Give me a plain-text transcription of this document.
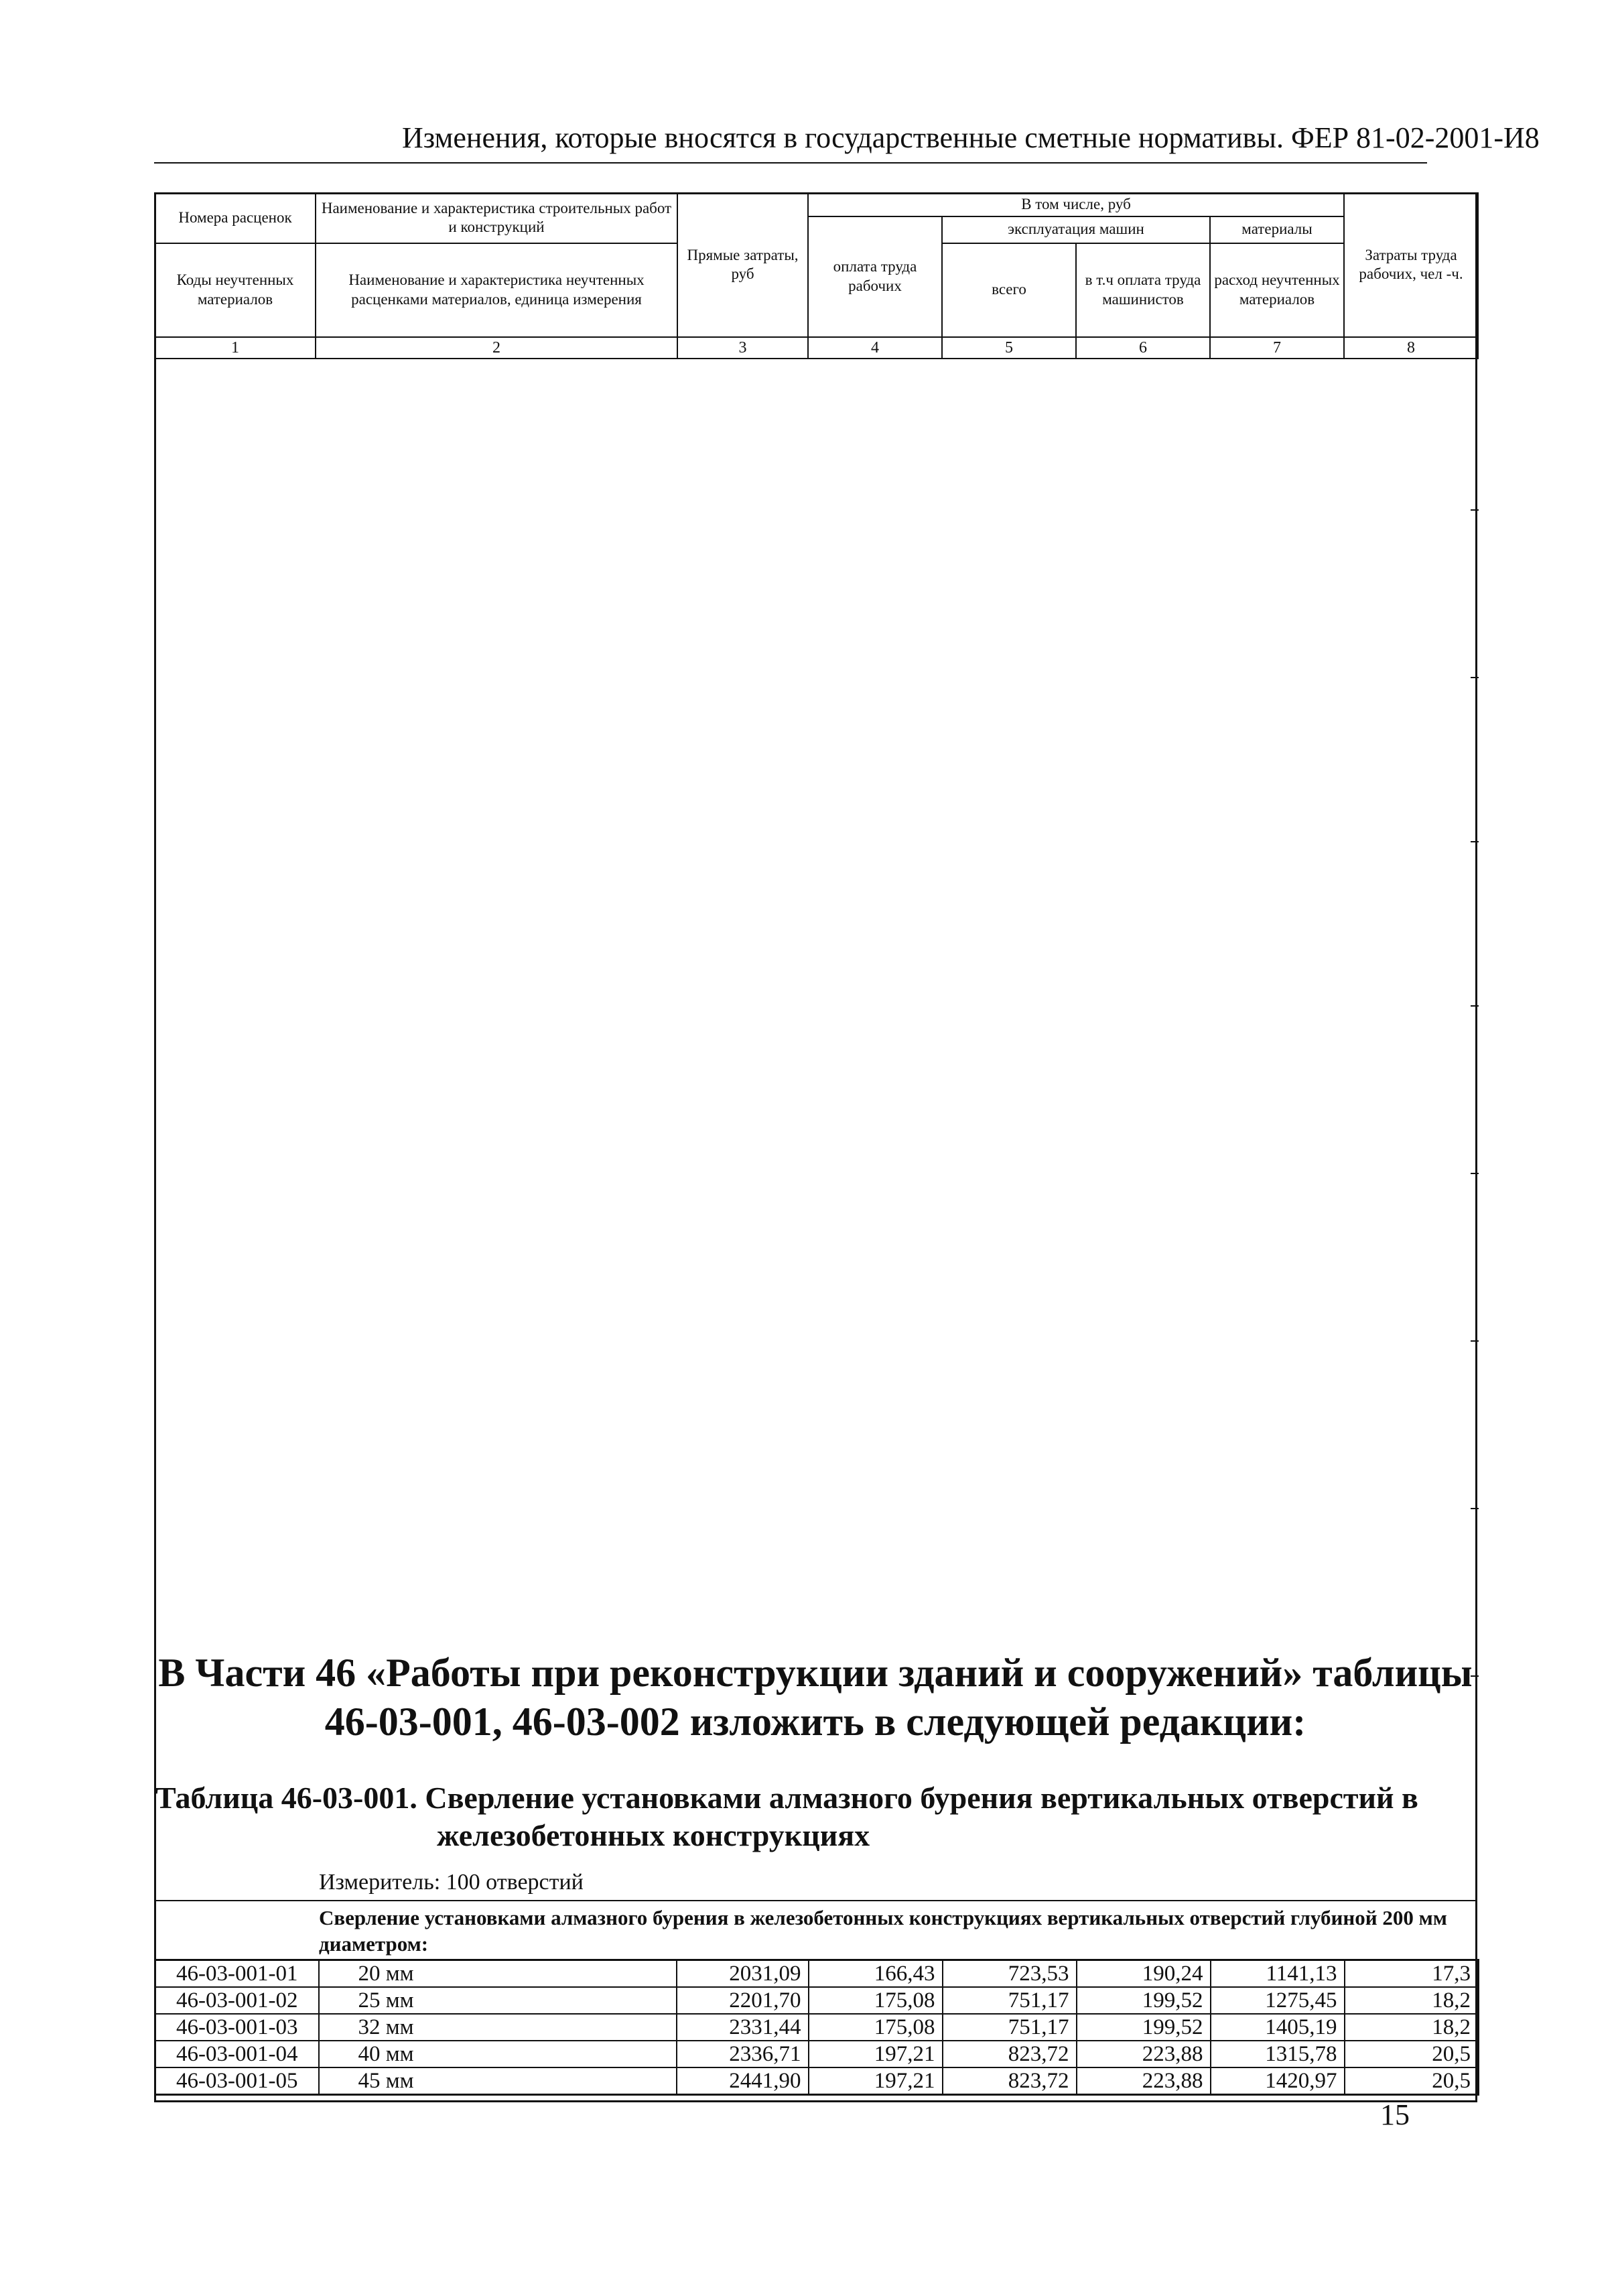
Изменения, которые вносятся в государственные сметные нормативы. ФЕР 81-02-2001-И8
Номера расценок	Наименование и характеристика строительных работ и конструкций	Прямые затраты, руб	В том числе, руб				Затраты труда рабочих, чел -ч.
			оплата труда рабочих	эксплуатация машин		материалы	
Коды неучтенных материалов	Наименование и характеристика неучтенных расценками материалов, единица измерения			всего	в т.ч оплата труда машинистов	расход неучтенных материалов	

1	2	3	4	5	6	7	8
В Части 46 «Работы при реконструкции зданий и сооружений» таблицы 46-03-001, 46-03-002 изложить в следующей редакции:
Таблица 46-03-001. Сверление установками алмазного бурения вертикальных отверстий в
железобетонных конструкциях
Измеритель: 100 отверстий
Сверление установками алмазного бурения в железобетонных конструкциях вертикальных отверстий глубиной 200 мм диаметром:
46-03-001-01	20 мм	2031,09	166,43	723,53	190,24	1141,13	17,3
46-03-001-02	25 мм	2201,70	175,08	751,17	199,52	1275,45	18,2
46-03-001-03	32 мм	2331,44	175,08	751,17	199,52	1405,19	18,2
46-03-001-04	40 мм	2336,71	197,21	823,72	223,88	1315,78	20,5
46-03-001-05	45 мм	2441,90	197,21	823,72	223,88	1420,97	20,5
15
